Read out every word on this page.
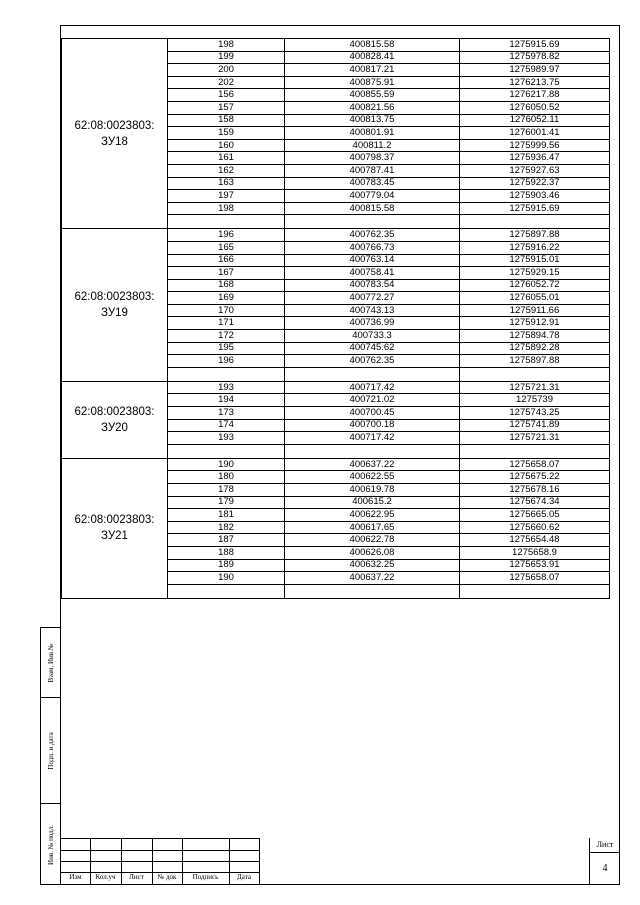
Взам. Инв.№
Подп. и дата
Инв. № подл.
62:08:0023803:
ЗУ18	198	400815.58	1275915.69
	199	400828.41	1275978.82
	200	400817.21	1275989.97
	202	400875.91	1276213.75
	156	400855.59	1276217.88
	157	400821.56	1276050.52
	158	400813.75	1276052.11
	159	400801.91	1276001.41
	160	400811.2	1275999.56
	161	400798.37	1275936.47
	162	400787.41	1275927.63
	163	400783.45	1275922.37
	197	400779.04	1275903.46
	198	400815.58	1275915.69

62:08:0023803:
ЗУ19	196	400762.35	1275897.88
	165	400766.73	1275916.22
	166	400763.14	1275915.01
	167	400758.41	1275929.15
	168	400783.54	1276052.72
	169	400772.27	1276055.01
	170	400743.13	1275911.66
	171	400736.99	1275912.91
	172	400733.3	1275894.78
	195	400745.62	1275892.28
	196	400762.35	1275897.88

62:08:0023803:
ЗУ20	193	400717.42	1275721.31
	194	400721.02	1275739
	173	400700.45	1275743.25
	174	400700.18	1275741.89
	193	400717.42	1275721.31

62:08:0023803:
ЗУ21	190	400637.22	1275658.07
	180	400622.55	1275675.22
	178	400619.78	1275678.16
	179	400615.2	1275674.34
	181	400622.95	1275665.05
	182	400617.65	1275660.62
	187	400622.78	1275654.48
	188	400626.08	1275658.9
	189	400632.25	1275653.91
	190	400637.22	1275658.07

Изм	Кол.уч	Лист	№ док	Подпись	Дата
Лист
4
